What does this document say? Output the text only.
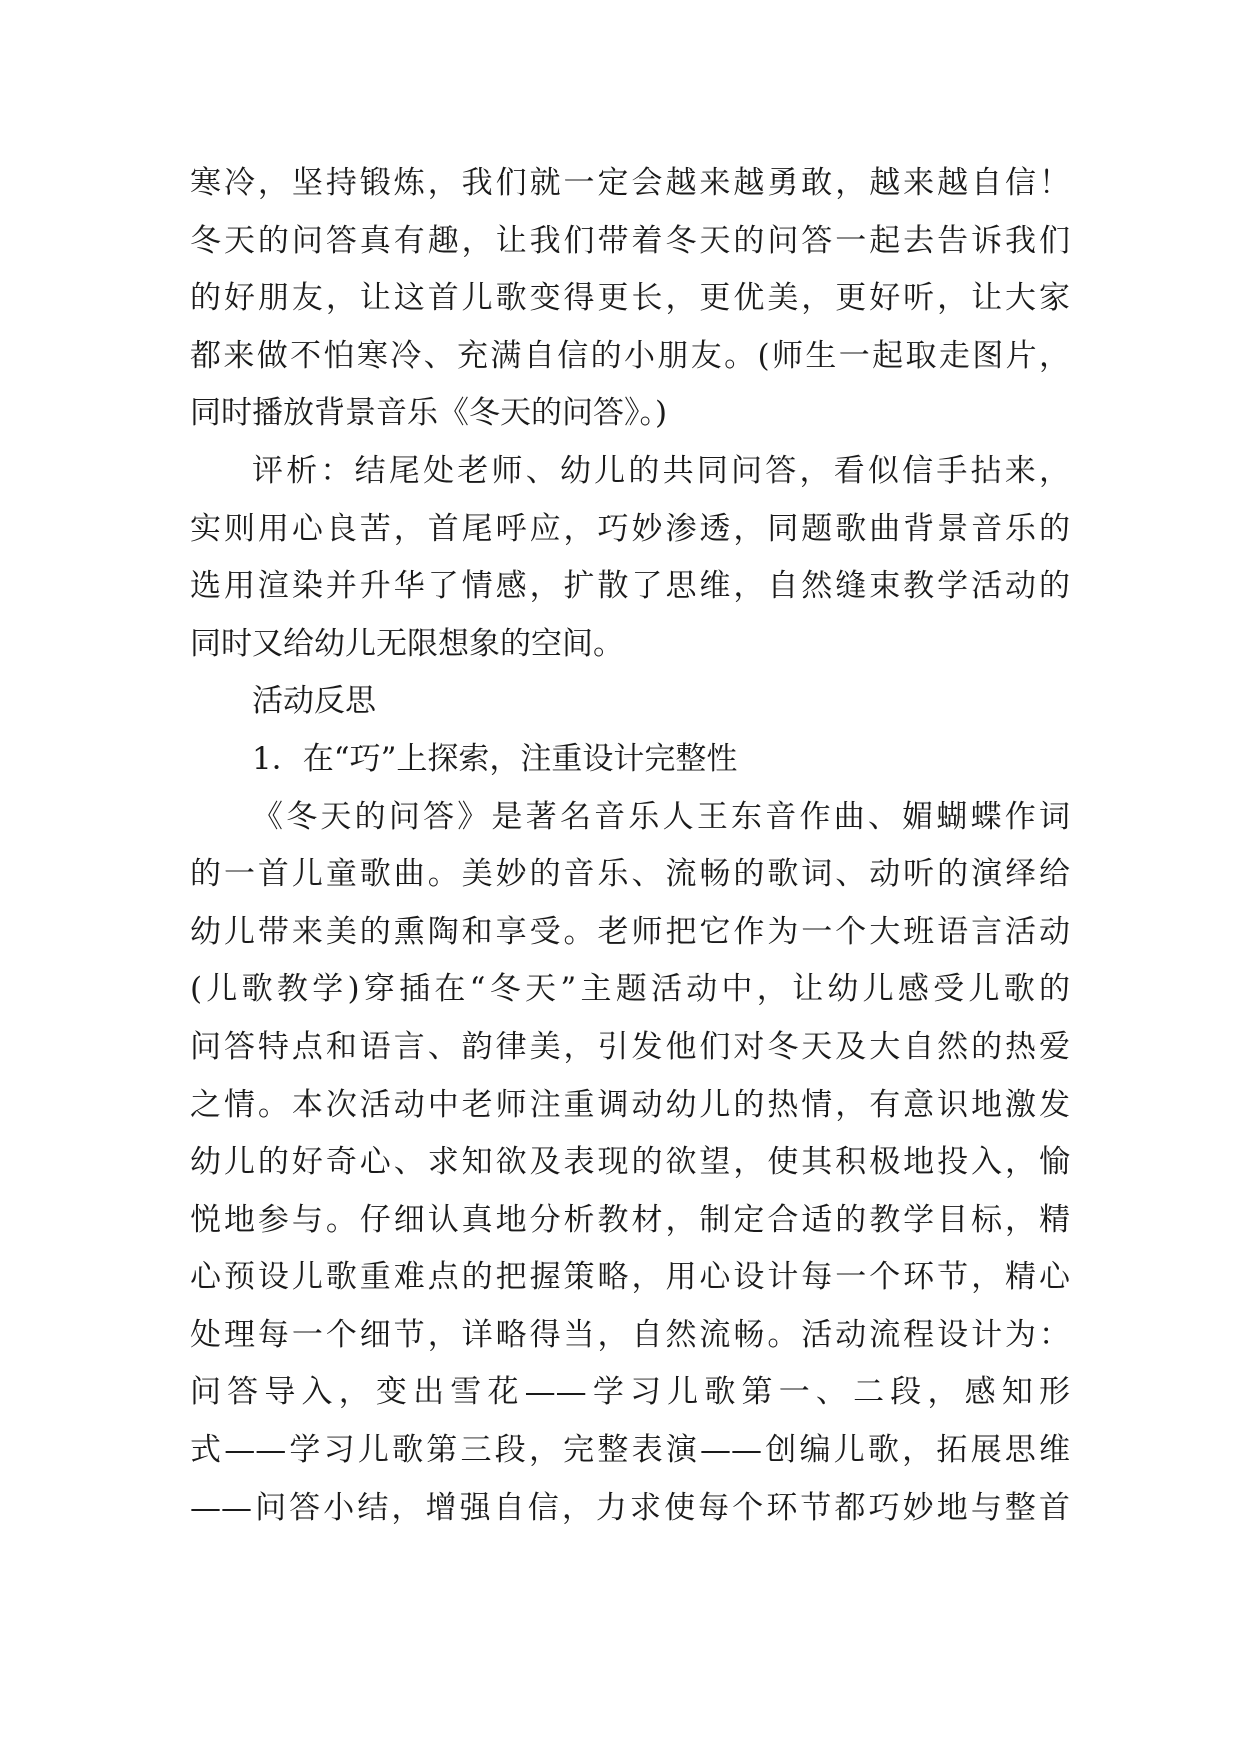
寒冷，坚持锻炼，我们就一定会越来越勇敢，越来越自信！
冬天的问答真有趣，让我们带着冬天的问答一起去告诉我们
的好朋友，让这首儿歌变得更长，更优美，更好听，让大家
都来做不怕寒冷、充满自信的小朋友。(师生一起取走图片，
同时播放背景音乐《冬天的问答》。)
评析：结尾处老师、幼儿的共同问答，看似信手拈来，
实则用心良苦，首尾呼应，巧妙渗透，同题歌曲背景音乐的
选用渲染并升华了情感，扩散了思维，自然缝束教学活动的
同时又给幼儿无限想象的空间。
活动反思
1．在“巧”上探索，注重设计完整性
《冬天的问答》是著名音乐人王东音作曲、媚蝴蝶作词
的一首儿童歌曲。美妙的音乐、流畅的歌词、动听的演绎给
幼儿带来美的熏陶和享受。老师把它作为一个大班语言活动
(儿歌教学)穿插在“冬天”主题活动中，让幼儿感受儿歌的
问答特点和语言、韵律美，引发他们对冬天及大自然的热爱
之情。本次活动中老师注重调动幼儿的热情，有意识地激发
幼儿的好奇心、求知欲及表现的欲望，使其积极地投入，愉
悦地参与。仔细认真地分析教材，制定合适的教学目标，精
心预设儿歌重难点的把握策略，用心设计每一个环节，精心
处理每一个细节，详略得当，自然流畅。活动流程设计为：
问答导入，变出雪花——学习儿歌第一、二段，感知形
式——学习儿歌第三段，完整表演——创编儿歌，拓展思维
——问答小结，增强自信，力求使每个环节都巧妙地与整首
